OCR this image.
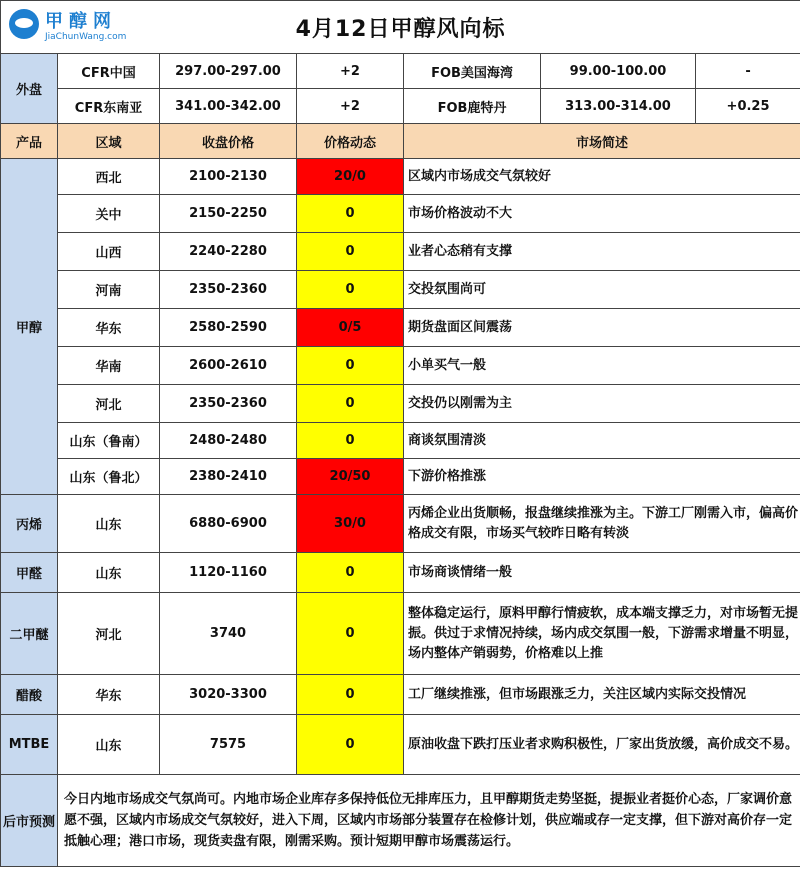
甲醇网
JiaChunWang.com 4月12日甲醇风向标						
外盘	CFR中国	297.00-297.00	+2	FOB美国海湾	99.00-100.00	-
	CFR东南亚	341.00-342.00	+2	FOB鹿特丹	313.00-314.00	+0.25
产品	区域	收盘价格	价格动态	市场简述		
甲醇	西北	2100-2130	20/0	区域内市场成交气氛较好		
	关中	2150-2250	0	市场价格波动不大		
	山西	2240-2280	0	业者心态稍有支撑		
	河南	2350-2360	0	交投氛围尚可		
	华东	2580-2590	0/5	期货盘面区间震荡		
	华南	2600-2610	0	小单买气一般		
	河北	2350-2360	0	交投仍以刚需为主		
	山东（鲁南）	2480-2480	0	商谈氛围清淡		
	山东（鲁北）	2380-2410	20/50	下游价格推涨		
丙烯	山东	6880-6900	30/0	丙烯企业出货顺畅，报盘继续推涨为主。下游工厂刚需入市，偏高价格成交有限，市场买气较昨日略有转淡		
甲醛	山东	1120-1160	0	市场商谈情绪一般		
二甲醚	河北	3740	0	整体稳定运行，原料甲醇行情疲软，成本端支撑乏力，对市场暂无提振。供过于求情况持续，场内成交氛围一般，下游需求增量不明显，场内整体产销弱势，价格难以上推		
醋酸	华东	3020-3300	0	工厂继续推涨，但市场跟涨乏力，关注区域内实际交投情况		
MTBE	山东	7575	0	原油收盘下跌打压业者求购积极性，厂家出货放缓，高价成交不易。		
后市预测	今日内地市场成交气氛尚可。内地市场企业库存多保持低位无排库压力，且甲醇期货走势坚挺，提振业者挺价心态，厂家调价意愿不强，区域内市场成交气氛较好，进入下周，区域内市场部分装置存在检修计划，供应端或存一定支撑，但下游对高价存一定抵触心理；港口市场，现货卖盘有限，刚需采购。预计短期甲醇市场震荡运行。					
